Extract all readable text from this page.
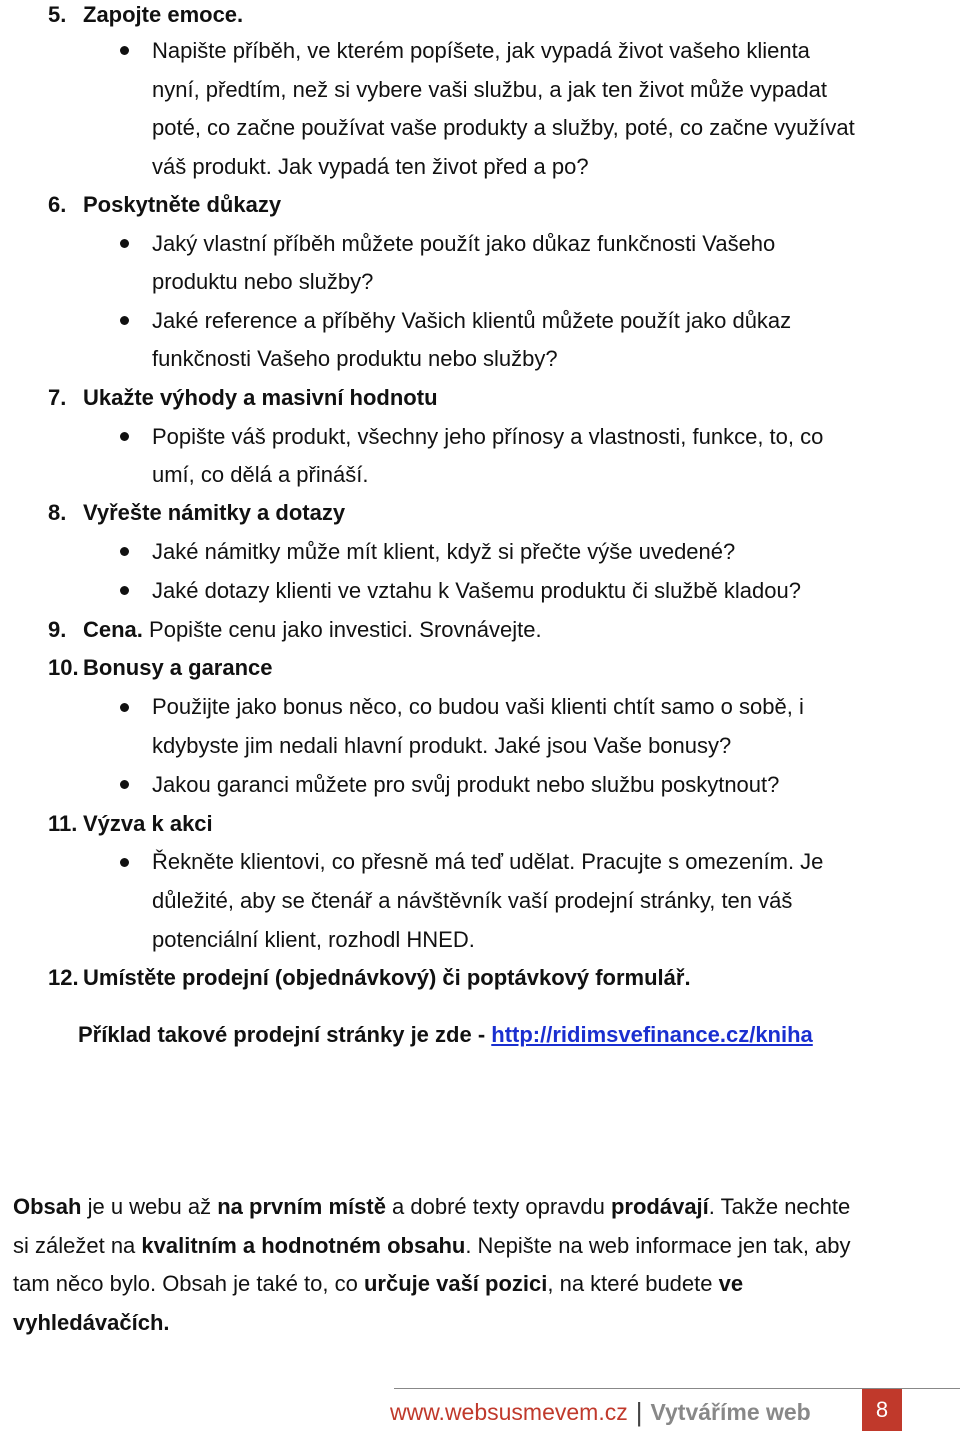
5. Zapojte emoce.
Napište příběh, ve kterém popíšete, jak vypadá život vašeho klienta
nyní, předtím, než si vybere vaši službu, a jak ten život může vypadat
poté, co začne používat vaše produkty a služby, poté, co začne využívat
váš produkt. Jak vypadá ten život před a po?
6. Poskytněte důkazy
Jaký vlastní příběh můžete použít jako důkaz funkčnosti Vašeho
produktu nebo služby?
Jaké reference a příběhy Vašich klientů můžete použít jako důkaz
funkčnosti Vašeho produktu nebo služby?
7. Ukažte výhody a masivní hodnotu
Popište váš produkt, všechny jeho přínosy a vlastnosti, funkce, to, co
umí, co dělá a přináší.
8. Vyřešte námitky a dotazy
Jaké námitky může mít klient, když si přečte výše uvedené?
Jaké dotazy klienti ve vztahu k Vašemu produktu či službě kladou?
9. Cena. Popište cenu jako investici. Srovnávejte.
10. Bonusy a garance
Použijte jako bonus něco, co budou vaši klienti chtít samo o sobě, i
kdybyste jim nedali hlavní produkt. Jaké jsou Vaše bonusy?
Jakou garanci můžete pro svůj produkt nebo službu poskytnout?
11. Výzva k akci
Řekněte klientovi, co přesně má teď udělat. Pracujte s omezením. Je
důležité, aby se čtenář a návštěvník vaší prodejní stránky, ten váš
potenciální klient, rozhodl HNED.
12. Umístěte prodejní (objednávkový) či poptávkový formulář.
Příklad takové prodejní stránky je zde - http://ridimsvefinance.cz/kniha
Obsah je u webu až na prvním místě a dobré texty opravdu prodávají. Takže nechte
si záležet na kvalitním a hodnotném obsahu. Nepište na web informace jen tak, aby
tam něco bylo. Obsah je také to, co určuje vaší pozici, na které budete ve
vyhledávačích.
www.websusmevem.cz | Vytváříme web	8
